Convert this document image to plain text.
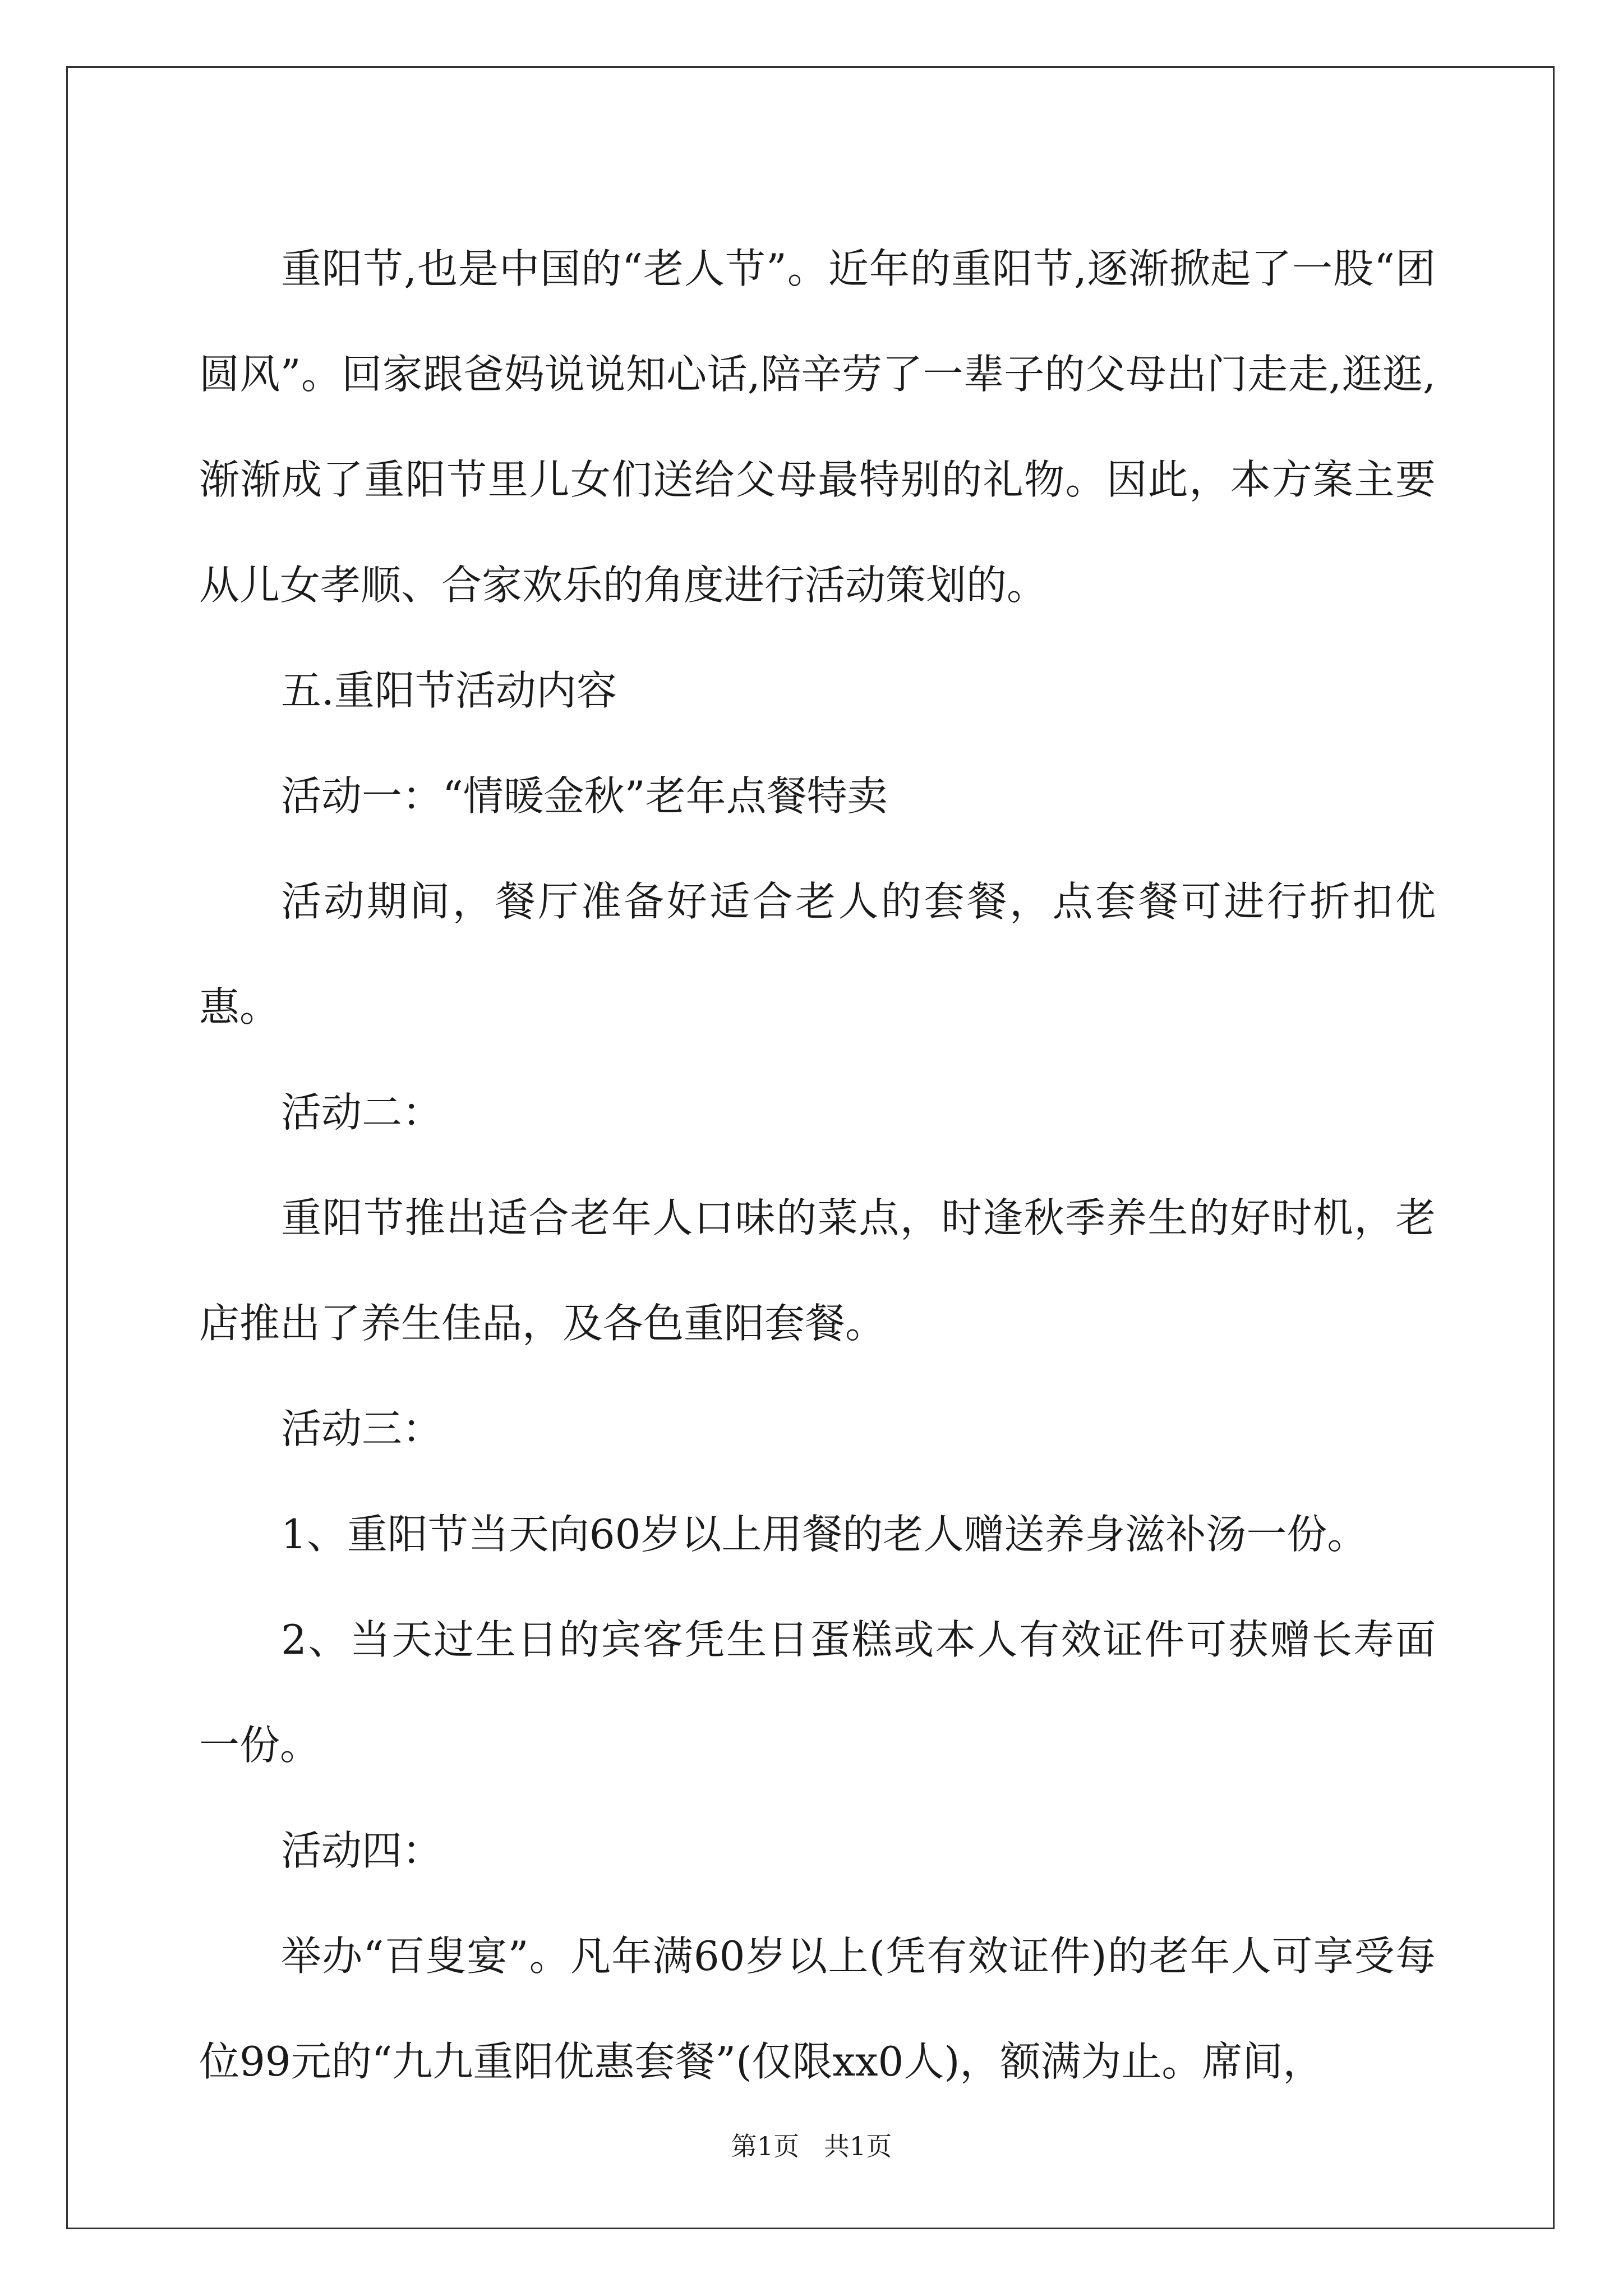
重阳节,也是中国的“老人节”。近年的重阳节,逐渐掀起了一股“团圆风”。回家跟爸妈说说知心话,陪辛劳了一辈子的父母出门走走,逛逛,渐渐成了重阳节里儿女们送给父母最特别的礼物。因此，本方案主要从儿女孝顺、合家欢乐的角度进行活动策划的。

五.重阳节活动内容

活动一：“情暖金秋”老年点餐特卖

活动期间，餐厅准备好适合老人的套餐，点套餐可进行折扣优惠。

活动二：

重阳节推出适合老年人口味的菜点，时逢秋季养生的好时机，老店推出了养生佳品，及各色重阳套餐。

活动三：

1、重阳节当天向60岁以上用餐的老人赠送养身滋补汤一份。

2、当天过生日的宾客凭生日蛋糕或本人有效证件可获赠长寿面一份。

活动四：

举办“百叟宴”。凡年满60岁以上(凭有效证件)的老年人可享受每位99元的“九九重阳优惠套餐”(仅限xx0人)，额满为止。席间，

第1页   共1页
